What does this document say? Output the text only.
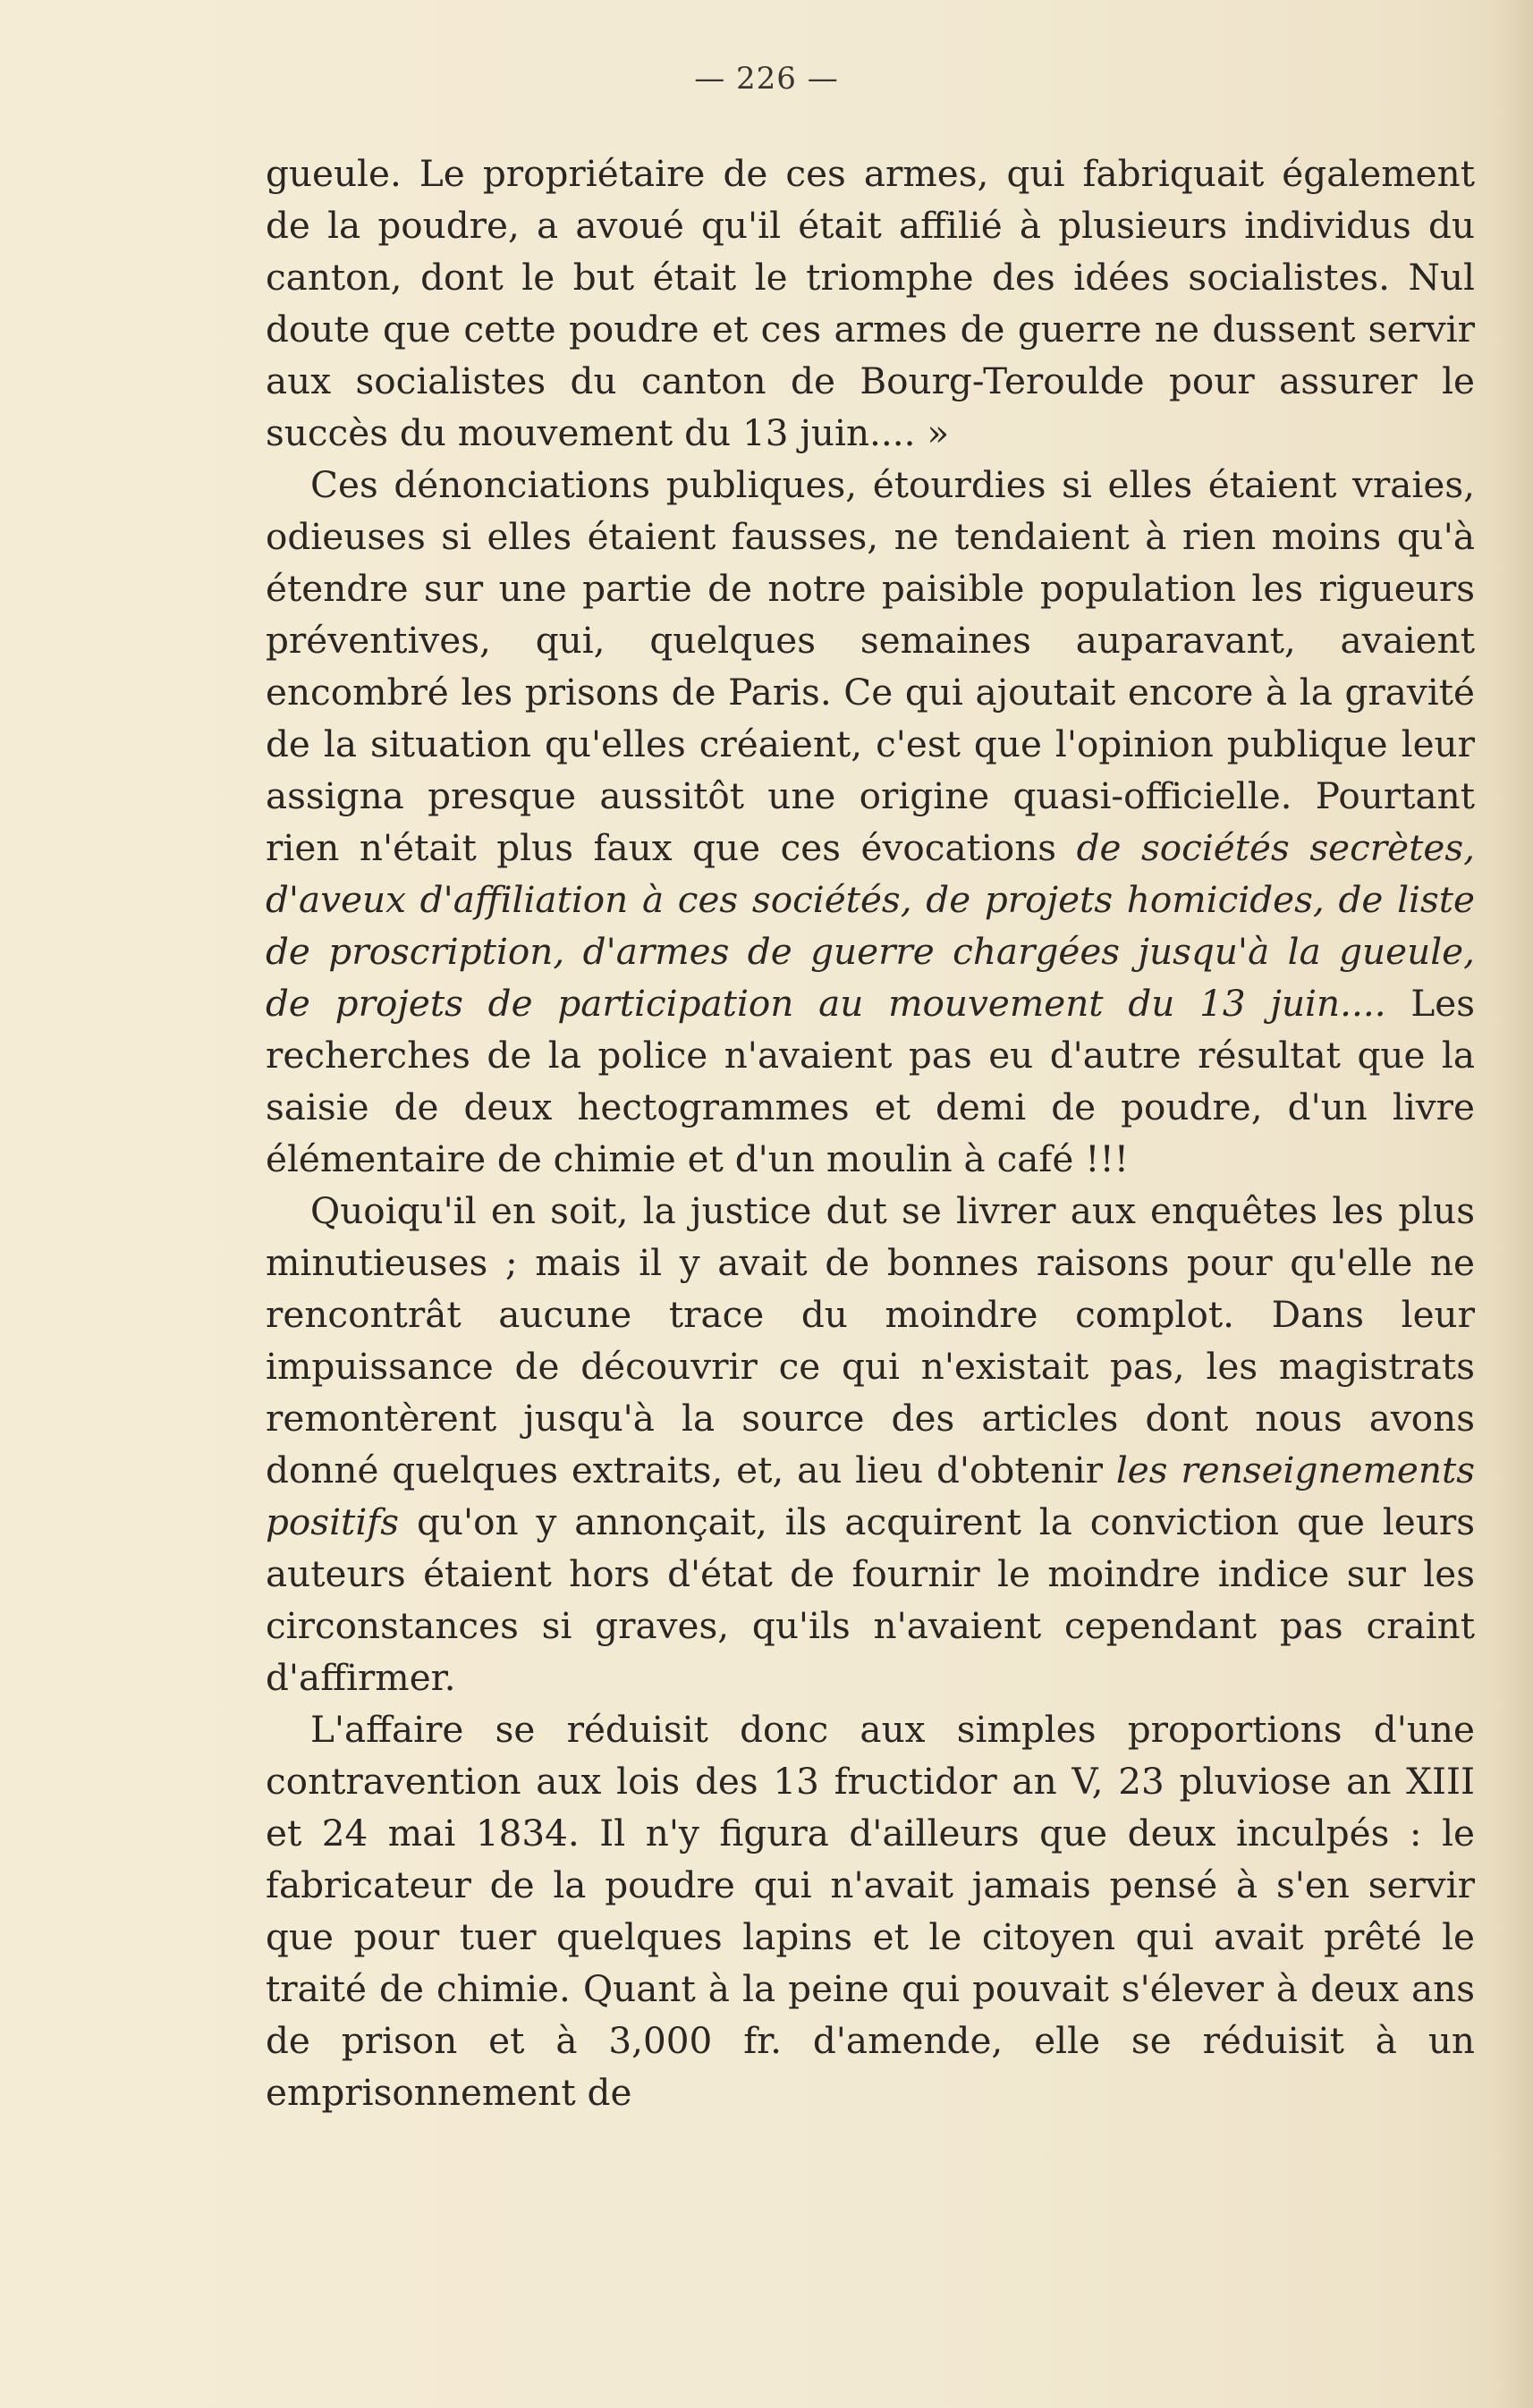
— 226 —

gueule. Le propriétaire de ces armes, qui fabriquait également de la poudre, a avoué qu'il était affilié à plusieurs individus du canton, dont le but était le triomphe des idées socialistes. Nul doute que cette poudre et ces armes de guerre ne dussent servir aux socialistes du canton de Bourg-Teroulde pour assurer le succès du mouvement du 13 juin.... »

Ces dénonciations publiques, étourdies si elles étaient vraies, odieuses si elles étaient fausses, ne tendaient à rien moins qu'à étendre sur une partie de notre paisible population les rigueurs préventives, qui, quelques semaines auparavant, avaient encombré les prisons de Paris. Ce qui ajoutait encore à la gravité de la situation qu'elles créaient, c'est que l'opinion publique leur assigna presque aussitôt une origine quasi-officielle. Pourtant rien n'était plus faux que ces évocations de sociétés secrètes, d'aveux d'affiliation à ces sociétés, de projets homicides, de liste de proscription, d'armes de guerre chargées jusqu'à la gueule, de projets de participation au mouvement du 13 juin.... Les recherches de la police n'avaient pas eu d'autre résultat que la saisie de deux hectogrammes et demi de poudre, d'un livre élémentaire de chimie et d'un moulin à café !!!

Quoiqu'il en soit, la justice dut se livrer aux enquêtes les plus minutieuses ; mais il y avait de bonnes raisons pour qu'elle ne rencontrât aucune trace du moindre complot. Dans leur impuissance de découvrir ce qui n'existait pas, les magistrats remontèrent jusqu'à la source des articles dont nous avons donné quelques extraits, et, au lieu d'obtenir les renseignements positifs qu'on y annonçait, ils acquirent la conviction que leurs auteurs étaient hors d'état de fournir le moindre indice sur les circonstances si graves, qu'ils n'avaient cependant pas craint d'affirmer.

L'affaire se réduisit donc aux simples proportions d'une contravention aux lois des 13 fructidor an V, 23 pluviose an XIII et 24 mai 1834. Il n'y figura d'ailleurs que deux inculpés : le fabricateur de la poudre qui n'avait jamais pensé à s'en servir que pour tuer quelques lapins et le citoyen qui avait prêté le traité de chimie. Quant à la peine qui pouvait s'élever à deux ans de prison et à 3,000 fr. d'amende, elle se réduisit à un emprisonnement de
